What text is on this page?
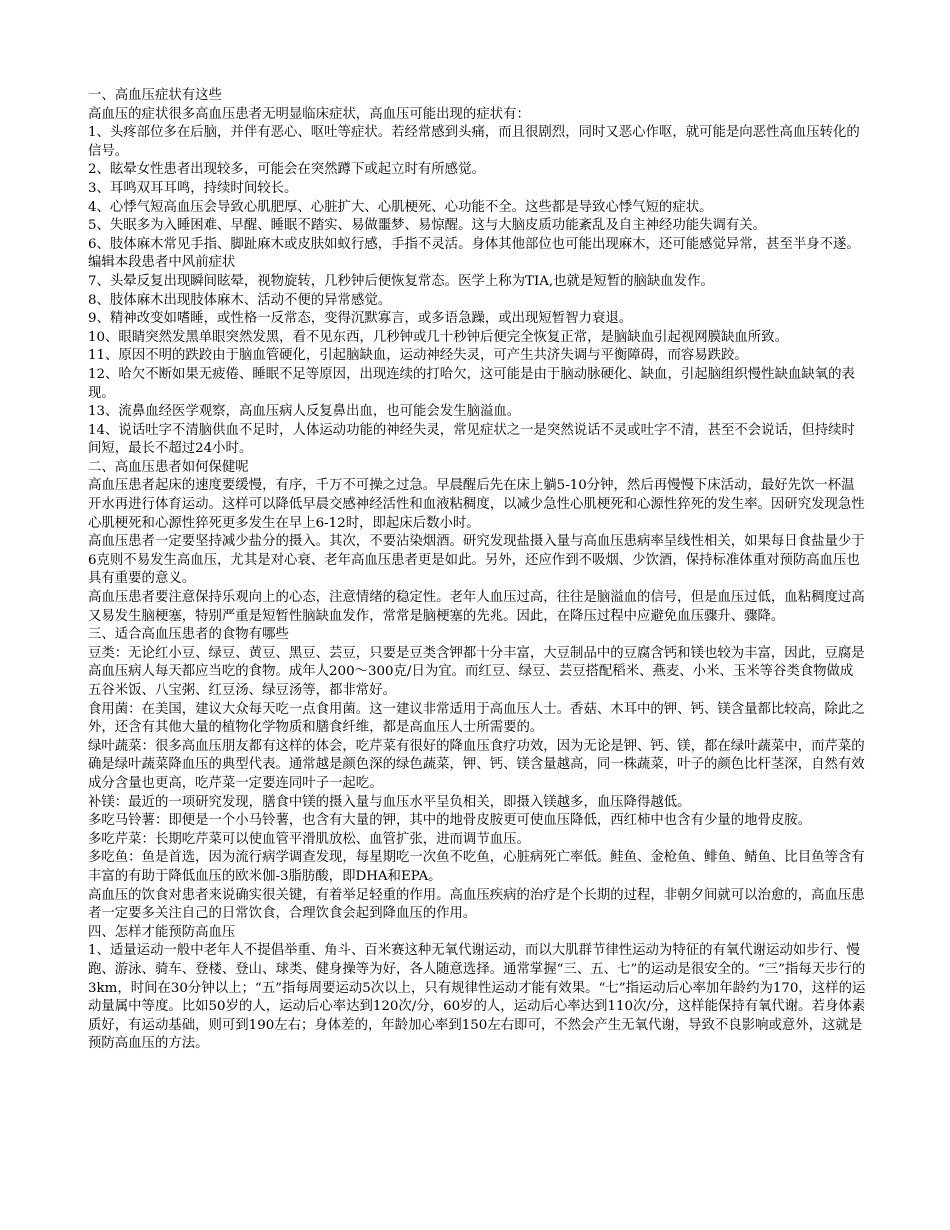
一、高血压症状有这些
高血压的症状很多高血压患者无明显临床症状，高血压可能出现的症状有：
1、头疼部位多在后脑，并伴有恶心、呕吐等症状。若经常感到头痛，而且很剧烈，同时又恶心作呕，就可能是向恶性高血压转化的信号。
2、眩晕女性患者出现较多，可能会在突然蹲下或起立时有所感觉。
3、耳鸣双耳耳鸣，持续时间较长。
4、心悸气短高血压会导致心肌肥厚、心脏扩大、心肌梗死、心功能不全。这些都是导致心悸气短的症状。
5、失眠多为入睡困难、早醒、睡眠不踏实、易做噩梦、易惊醒。这与大脑皮质功能紊乱及自主神经功能失调有关。
6、肢体麻木常见手指、脚趾麻木或皮肤如蚁行感，手指不灵活。身体其他部位也可能出现麻木，还可能感觉异常，甚至半身不遂。编辑本段患者中风前症状
7、头晕反复出现瞬间眩晕，视物旋转，几秒钟后便恢复常态。医学上称为TIA,也就是短暂的脑缺血发作。
8、肢体麻木出现肢体麻木、活动不便的异常感觉。
9、精神改变如嗜睡，或性格一反常态，变得沉默寡言，或多语急躁，或出现短暂智力衰退。
10、眼睛突然发黑单眼突然发黑，看不见东西，几秒钟或几十秒钟后便完全恢复正常，是脑缺血引起视网膜缺血所致。
11、原因不明的跌跤由于脑血管硬化，引起脑缺血，运动神经失灵，可产生共济失调与平衡障碍，而容易跌跤。
12、哈欠不断如果无疲倦、睡眠不足等原因，出现连续的打哈欠，这可能是由于脑动脉硬化、缺血，引起脑组织慢性缺血缺氧的表现。
13、流鼻血经医学观察，高血压病人反复鼻出血，也可能会发生脑溢血。
14、说话吐字不清脑供血不足时，人体运动功能的神经失灵，常见症状之一是突然说话不灵或吐字不清，甚至不会说话，但持续时间短，最长不超过24小时。
二、高血压患者如何保健呢
高血压患者起床的速度要缓慢，有序，千万不可操之过急。早晨醒后先在床上躺5-10分钟，然后再慢慢下床活动，最好先饮一杯温开水再进行体育运动。这样可以降低早晨交感神经活性和血液粘稠度，以减少急性心肌梗死和心源性猝死的发生率。因研究发现急性心肌梗死和心源性猝死更多发生在早上6-12时，即起床后数小时。
高血压患者一定要坚持减少盐分的摄入。其次，不要沾染烟酒。研究发现盐摄入量与高血压患病率呈线性相关，如果每日食盐量少于6克则不易发生高血压，尤其是对心衰、老年高血压患者更是如此。另外，还应作到不吸烟、少饮酒，保持标准体重对预防高血压也具有重要的意义。
高血压患者要注意保持乐观向上的心态，注意情绪的稳定性。老年人血压过高，往往是脑溢血的信号，但是血压过低，血粘稠度过高又易发生脑梗塞，特别严重是短暂性脑缺血发作，常常是脑梗塞的先兆。因此，在降压过程中应避免血压骤升、骤降。
三、适合高血压患者的食物有哪些
豆类：无论红小豆、绿豆、黄豆、黑豆、芸豆，只要是豆类含钾都十分丰富，大豆制品中的豆腐含钙和镁也较为丰富，因此，豆腐是高血压病人每天都应当吃的食物。成年人200～300克/日为宜。而红豆、绿豆、芸豆搭配稻米、燕麦、小米、玉米等谷类食物做成五谷米饭、八宝粥、红豆汤、绿豆汤等，都非常好。
食用菌：在美国，建议大众每天吃一点食用菌。这一建议非常适用于高血压人士。香菇、木耳中的钾、钙、镁含量都比较高，除此之外，还含有其他大量的植物化学物质和膳食纤维，都是高血压人士所需要的。
绿叶蔬菜：很多高血压朋友都有这样的体会，吃芹菜有很好的降血压食疗功效，因为无论是钾、钙、镁，都在绿叶蔬菜中，而芹菜的确是绿叶蔬菜降血压的典型代表。通常越是颜色深的绿色蔬菜，钾、钙、镁含量越高，同一株蔬菜，叶子的颜色比杆茎深，自然有效成分含量也更高，吃芹菜一定要连同叶子一起吃。
补镁：最近的一项研究发现，膳食中镁的摄入量与血压水平呈负相关，即摄入镁越多，血压降得越低。
多吃马铃薯：即便是一个小马铃薯，也含有大量的钾，其中的地骨皮胺更可使血压降低，西红柿中也含有少量的地骨皮胺。
多吃芹菜：长期吃芹菜可以使血管平滑肌放松、血管扩张，进而调节血压。
多吃鱼：鱼是首选，因为流行病学调查发现，每星期吃一次鱼不吃鱼，心脏病死亡率低。鲑鱼、金枪鱼、鲱鱼、鲭鱼、比目鱼等含有丰富的有助于降低血压的欧米伽-3脂肪酸，即DHA和EPA。
高血压的饮食对患者来说确实很关键，有着举足轻重的作用。高血压疾病的治疗是个长期的过程，非朝夕间就可以治愈的，高血压患者一定要多关注自己的日常饮食，合理饮食会起到降血压的作用。
四、怎样才能预防高血压
1、适量运动一般中老年人不提倡举重、角斗、百米赛这种无氧代谢运动，而以大肌群节律性运动为特征的有氧代谢运动如步行、慢跑、游泳、骑车、登楼、登山、球类、健身操等为好，各人随意选择。通常掌握“三、五、七”的运动是很安全的。“三”指每天步行的3km，时间在30分钟以上；“五”指每周要运动5次以上，只有规律性运动才能有效果。“七”指运动后心率加年龄约为170，这样的运动量属中等度。比如50岁的人，运动后心率达到120次/分，60岁的人，运动后心率达到110次/分，这样能保持有氧代谢。若身体素质好，有运动基础，则可到190左右；身体差的，年龄加心率到150左右即可，不然会产生无氧代谢，导致不良影响或意外，这就是预防高血压的方法。
